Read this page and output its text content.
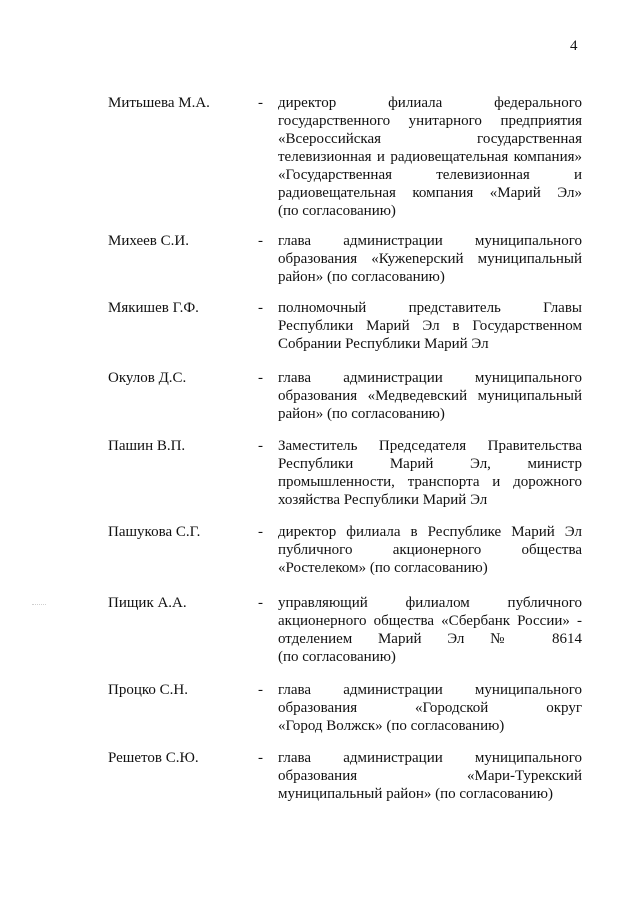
4
Митьшева М.А.	- директор филиала федерального
государственного унитарного предприятия
«Всероссийская государственная
телевизионная и радиовещательная компания»
«Государственная телевизионная и
радиовещательная компания «Марий Эл»
(по согласованию)
Михеев С.И.	- глава администрации муниципального
образования «Кужenерский муниципальный
район» (по согласованию)
Мякишев Г.Ф.	- полномочный представитель Главы
Республики Марий Эл в Государственном
Собрании Республики Марий Эл
Окулов Д.С.	- глава администрации муниципального
образования «Медведевский муниципальный
район» (по согласованию)
Пашин В.П.	- Заместитель Председателя Правительства
Республики Марий Эл, министр
промышленности, транспорта и дорожного
хозяйства Республики Марий Эл
Пашукова С.Г.	- директор филиала в Республике Марий Эл
публичного акционерного общества
«Ростелеком» (по согласованию)
Пищик А.А.	- управляющий филиалом публичного
акционерного общества «Сбербанк России» -
отделением Марий Эл № 8614
(по согласованию)
Процко С.Н.	- глава администрации муниципального
образования «Городской округ
«Город Волжск» (по согласованию)
Решетов С.Ю.	- глава администрации муниципального
образования «Мари-Турекский
муниципальный район» (по согласованию)
